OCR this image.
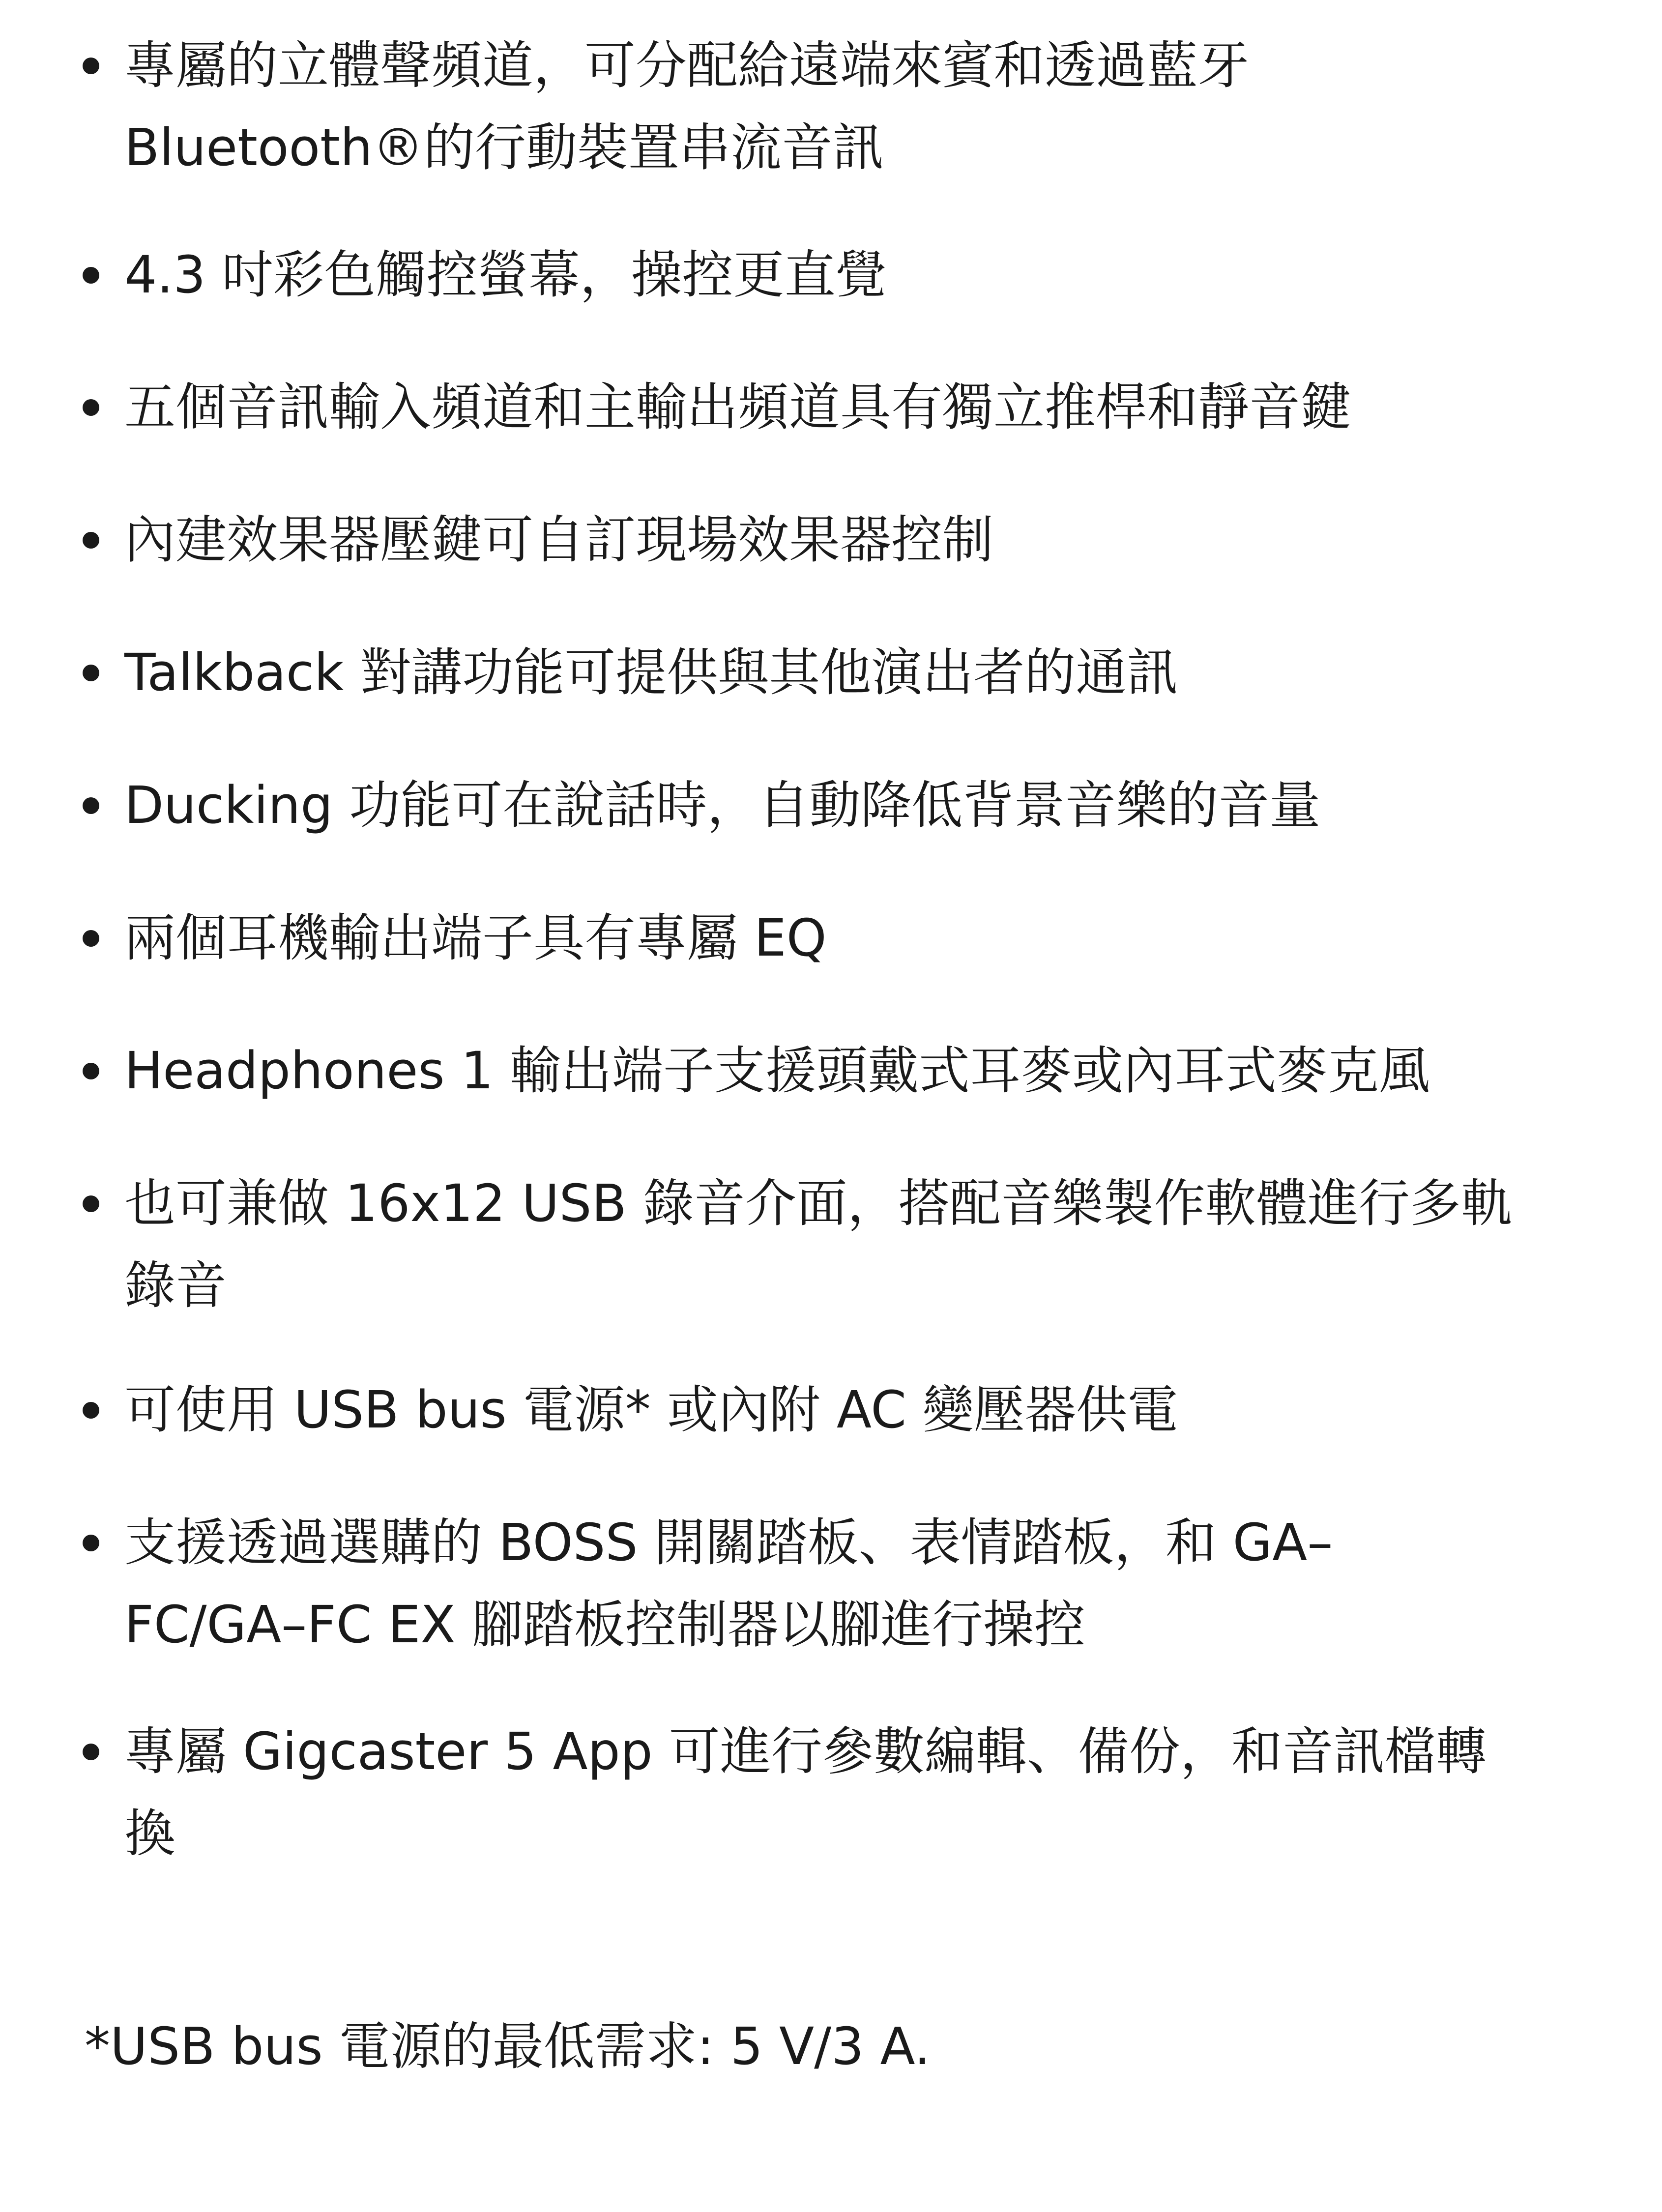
專屬的立體聲頻道，可分配給遠端來賓和透過藍牙
Bluetooth®的行動裝置串流音訊
4.3 吋彩色觸控螢幕，操控更直覺
五個音訊輸入頻道和主輸出頻道具有獨立推桿和靜音鍵
內建效果器壓鍵可自訂現場效果器控制
Talkback 對講功能可提供與其他演出者的通訊
Ducking 功能可在說話時，自動降低背景音樂的音量
兩個耳機輸出端子具有專屬 EQ
Headphones 1 輸出端子支援頭戴式耳麥或內耳式麥克風
也可兼做 16x12 USB 錄音介面，搭配音樂製作軟體進行多軌
錄音
可使用 USB bus 電源* 或內附 AC 變壓器供電
支援透過選購的 BOSS 開關踏板、表情踏板，和 GA–
FC/GA–FC EX 腳踏板控制器以腳進行操控
專屬 Gigcaster 5 App 可進行參數編輯、備份，和音訊檔轉
換
*USB bus 電源的最低需求: 5 V/3 A.
